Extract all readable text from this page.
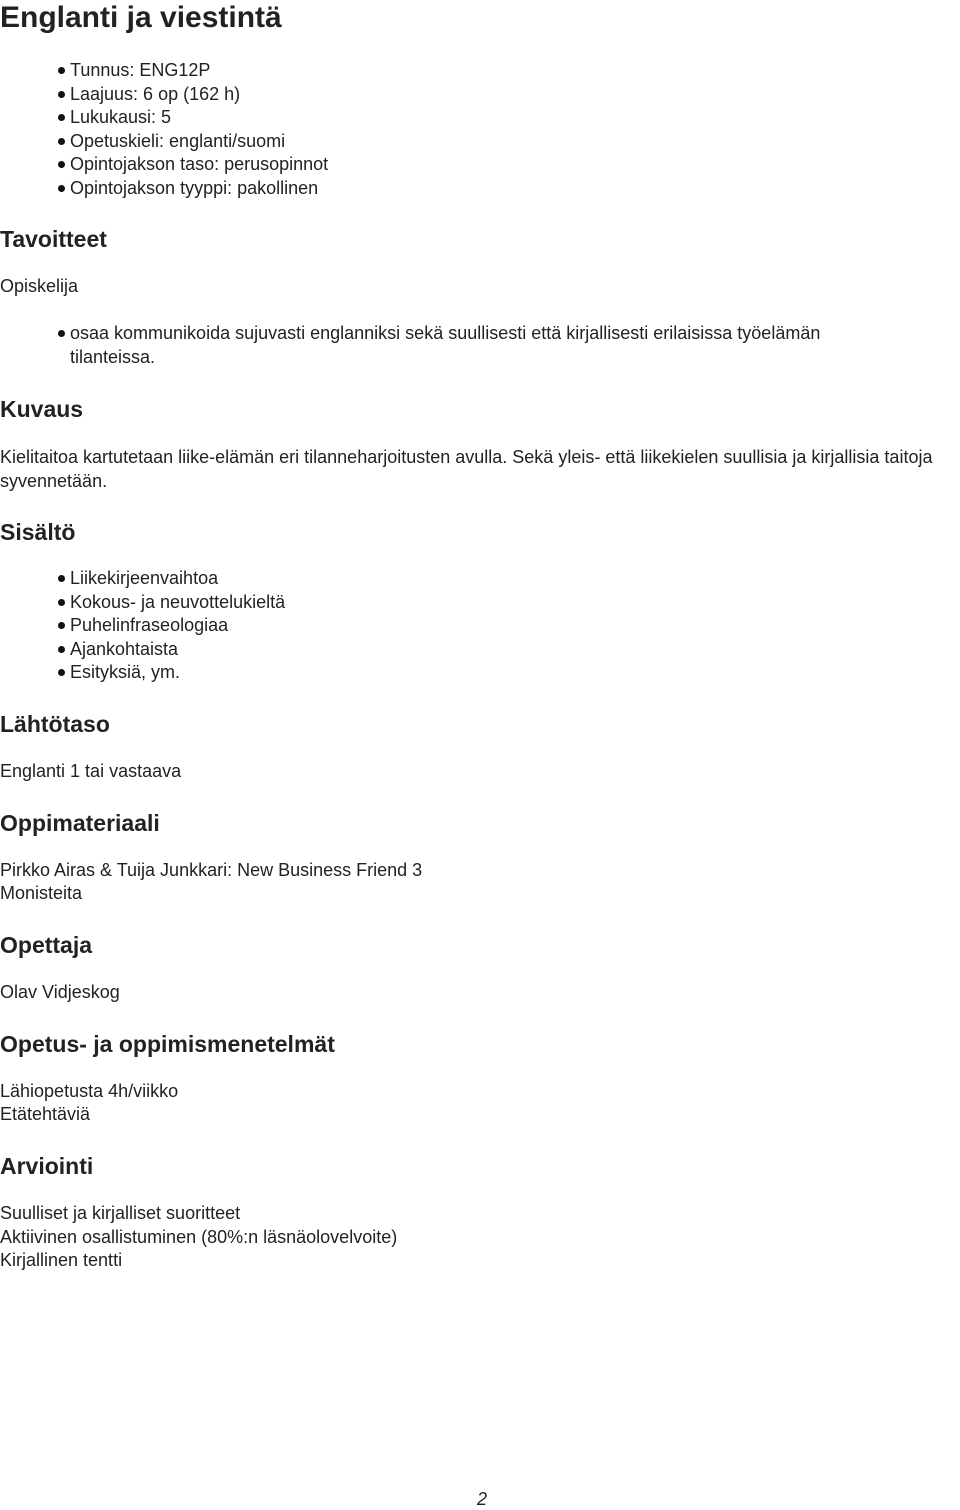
Englanti ja viestintä
Tunnus: ENG12P
Laajuus: 6 op (162 h)
Lukukausi: 5
Opetuskieli: englanti/suomi
Opintojakson taso: perusopinnot
Opintojakson tyyppi: pakollinen
Tavoitteet

Opiskelija

osaa kommunikoida sujuvasti englanniksi sekä suullisesti että kirjallisesti erilaisissa työelämän tilanteissa.
Kuvaus

Kielitaitoa kartutetaan liike-elämän eri tilanneharjoitusten avulla. Sekä yleis- että liikekielen suullisia ja kirjallisia taitoja syvennetään.

Sisältö
Liikekirjeenvaihtoa
Kokous- ja neuvottelukieltä
Puhelinfraseologiaa
Ajankohtaista
Esityksiä, ym.
Lähtötaso

Englanti 1 tai vastaava

Oppimateriaali

Pirkko Airas & Tuija Junkkari: New Business Friend 3

Monisteita

Opettaja

Olav Vidjeskog

Opetus- ja oppimismenetelmät

Lähiopetusta 4h/viikko

Etätehtäviä

Arviointi

Suulliset ja kirjalliset suoritteet

Aktiivinen osallistuminen (80%:n läsnäolovelvoite)

Kirjallinen tentti

2
